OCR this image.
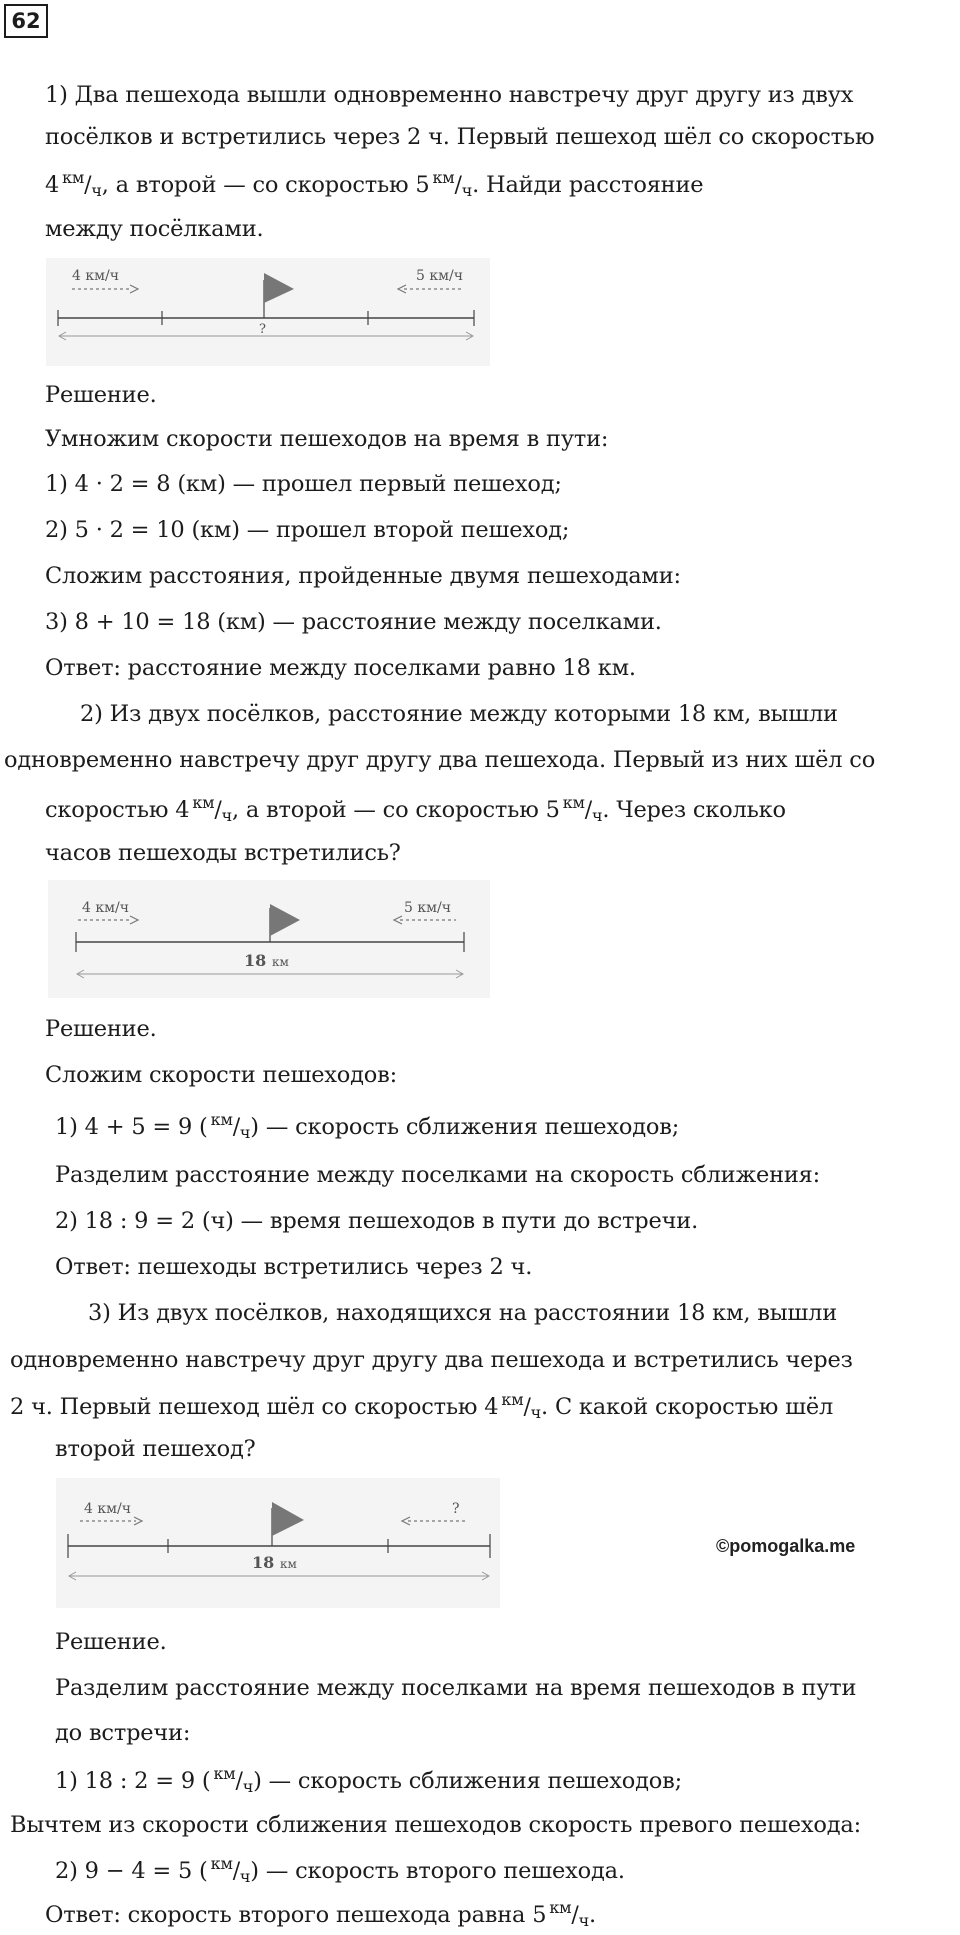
62
1) Два пешехода вышли одновременно навстречу друг другу из двух
посёлков и встретились через 2 ч. Первый пешеход шёл со скоростью
4 $^{км}$/ч, а второй — со скоростью 5 $^{км}$/ч. Найди расстояние
между посёлками.
4 км/ч	5 км/ч
?
Решение.
Умножим скорости пешеходов на время в пути:
1) 4 · 2 = 8 (км) — прошел первый пешеход;
2) 5 · 2 = 10 (км) — прошел второй пешеход;
Сложим расстояния, пройденные двумя пешеходами:
3) 8 + 10 = 18 (км) — расстояние между поселками.
Ответ: расстояние между поселками равно 18 км.
2) Из двух посёлков, расстояние между которыми 18 км, вышли
одновременно навстречу друг другу два пешехода. Первый из них шёл со
скоростью 4 $^{км}$/ч, а второй — со скоростью 5 $^{км}$/ч. Через сколько
часов пешеходы встретились?
4 км/ч	5 км/ч
18 км
Решение.
Сложим скорости пешеходов:
1) 4 + 5 = 9 ( $^{км}$/ч) — скорость сближения пешеходов;
Разделим расстояние между поселками на скорость сближения:
2) 18 : 9 = 2 (ч) — время пешеходов в пути до встречи.
Ответ: пешеходы встретились через 2 ч.
3) Из двух посёлков, находящихся на расстоянии 18 км, вышли
одновременно навстречу друг другу два пешехода и встретились через
2 ч. Первый пешеход шёл со скоростью 4 $^{км}$/ч. С какой скоростью шёл
второй пешеход?
4 км/ч	?
18 км
©pomogalka.me
Решение.
Разделим расстояние между поселками на время пешеходов в пути
до встречи:
1) 18 : 2 = 9 ( $^{км}$/ч) — скорость сближения пешеходов;
Вычтем из скорости сближения пешеходов скорость превого пешехода:
2) 9 − 4 = 5 ( $^{км}$/ч) — скорость второго пешехода.
Ответ: скорость второго пешехода равна 5 $^{км}$/ч.
